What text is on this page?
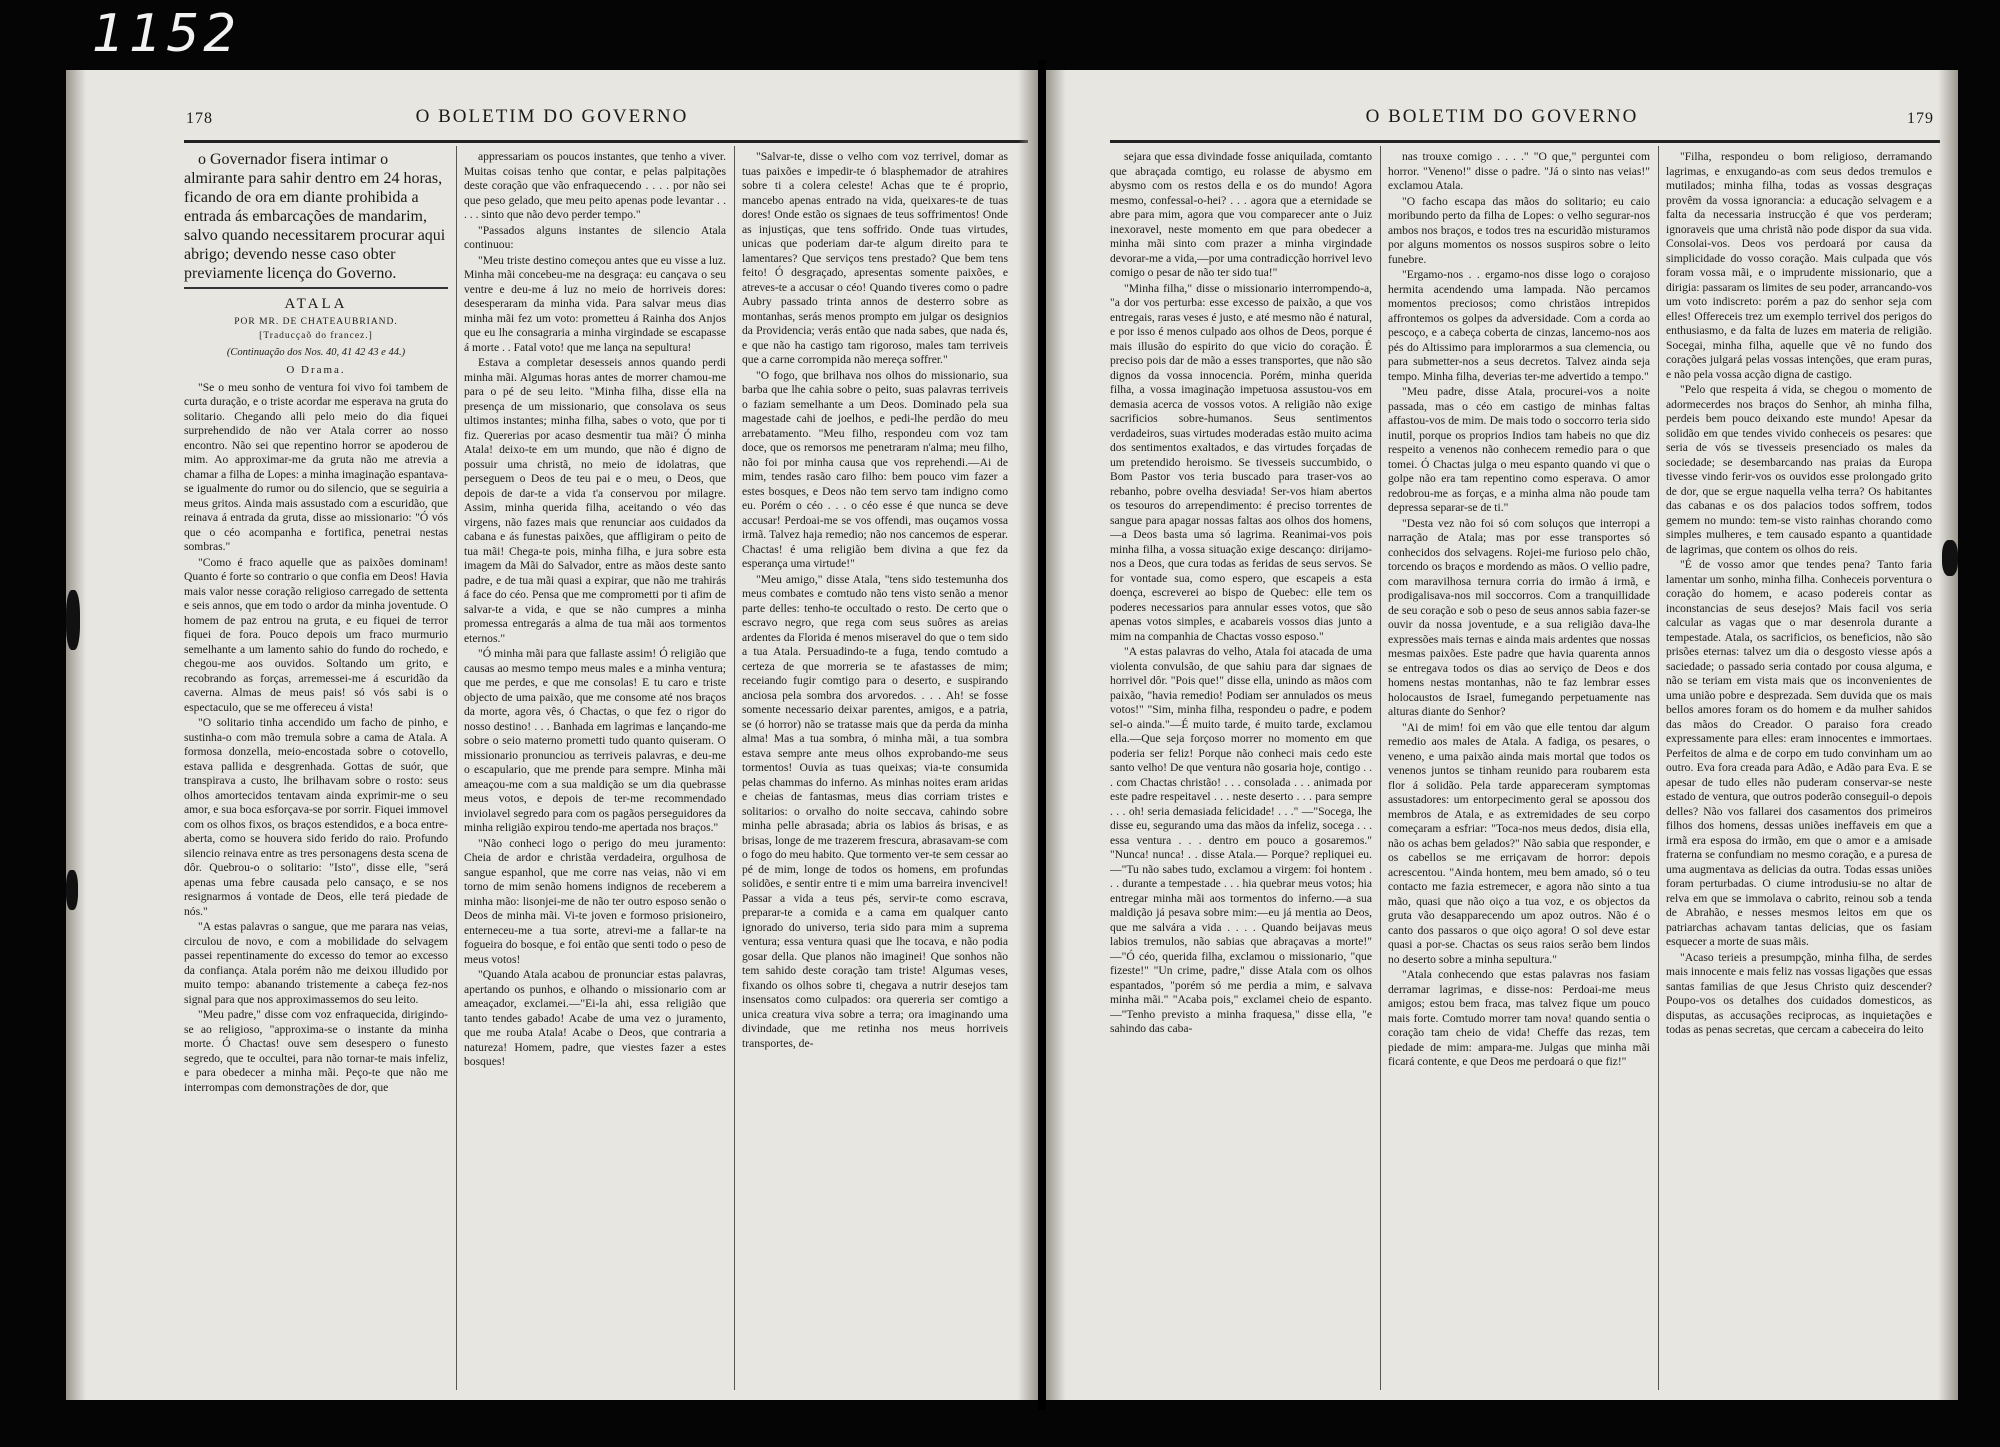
1152
178	O BOLETIM DO GOVERNO

o Governador fisera intimar o almirante para sahir dentro em 24 horas, ficando de ora em diante prohibida a entrada ás embarcações de mandarim, salvo quando necessitarem procurar aqui abrigo; devendo nesse caso obter previamente licença do Governo.

ATALA
POR MR. DE CHATEAUBRIAND.
[Traducçaõ do francez.]
(Continuação dos Nos. 40, 41 42 43 e 44.)
O Drama.

"Se o meu sonho de ventura foi vivo foi tambem de curta duração, e o triste acordar me esperava na gruta do solitario. Chegando alli pelo meio do dia fiquei surprehendido de não ver Atala correr ao nosso encontro. Não sei que repentino horror se apoderou de mim. Ao approximar-me da gruta não me atrevia a chamar a filha de Lopes: a minha imaginação espantava-se igualmente do rumor ou do silencio, que se seguiria a meus gritos. Ainda mais assustado com a escuridão, que reinava á entrada da gruta, disse ao missionario: "Ó vós que o céo acompanha e fortifica, penetrai nestas sombras."

"Como é fraco aquelle que as paixões dominam! Quanto é forte so contrario o que confia em Deos! Havia mais valor nesse coração religioso carregado de settenta e seis annos, que em todo o ardor da minha joventude. O homem de paz entrou na gruta, e eu fiquei de terror fiquei de fora. Pouco depois um fraco murmurio semelhante a um lamento sahio do fundo do rochedo, e chegou-me aos ouvidos. Soltando um grito, e recobrando as forças, arremessei-me á escuridão da caverna. Almas de meus pais! só vós sabi is o espectaculo, que se me offereceu á vista!

"O solitario tinha accendido um facho de pinho, e sustinha-o com mão tremula sobre a cama de Atala. A formosa donzella, meio-encostada sobre o cotovello, estava pallida e desgrenhada. Gottas de suór, que transpirava a custo, lhe brilhavam sobre o rosto: seus olhos amortecidos tentavam ainda exprimir-me o seu amor, e sua boca esforçava-se por sorrir. Fiquei immovel com os olhos fixos, os braços estendidos, e a boca entre-aberta, como se houvera sido ferido do raio. Profundo silencio reinava entre as tres personagens desta scena de dôr. Quebrou-o o solitario: "Isto", disse elle, "será apenas uma febre causada pelo cansaço, e se nos resignarmos á vontade de Deos, elle terá piedade de nós."

"A estas palavras o sangue, que me parara nas veias, circulou de novo, e com a mobilidade do selvagem passei repentinamente do excesso do temor ao excesso da confiança. Atala porém não me deixou illudido por muito tempo: abanando tristemente a cabeça fez-nos signal para que nos approximassemos do seu leito.

"Meu padre," disse com voz enfraquecida, dirigindo-se ao religioso, "approxima-se o instante da minha morte. Ó Chactas! ouve sem desespero o funesto segredo, que te occultei, para não tornar-te mais infeliz, e para obedecer a minha mãi. Peço-te que não me interrompas com demonstrações de dor, que

appressariam os poucos instantes, que tenho a viver. Muitas coisas tenho que contar, e pelas palpitações deste coração que vão enfraquecendo . . . . por não sei que peso gelado, que meu peito apenas pode levantar . . . . . sinto que não devo perder tempo."

"Passados alguns instantes de silencio Atala continuou:

"Meu triste destino começou antes que eu visse a luz. Minha mãi concebeu-me na desgraça: eu cançava o seu ventre e deu-me á luz no meio de horriveis dores: desesperaram da minha vida. Para salvar meus dias minha mãi fez um voto: prometteu á Rainha dos Anjos que eu lhe consagraria a minha virgindade se escapasse á morte . . Fatal voto! que me lança na sepultura!

Estava a completar desesseis annos quando perdi minha mãi. Algumas horas antes de morrer chamou-me para o pé de seu leito. "Minha filha, disse ella na presença de um missionario, que consolava os seus ultimos instantes; minha filha, sabes o voto, que por ti fiz. Quererias por acaso desmentir tua mãi? Ó minha Atala! deixo-te em um mundo, que não é digno de possuir uma christã, no meio de idolatras, que perseguem o Deos de teu pai e o meu, o Deos, que depois de dar-te a vida t'a conservou por milagre. Assim, minha querida filha, aceitando o véo das virgens, não fazes mais que renunciar aos cuidados da cabana e ás funestas paixões, que affligiram o peito de tua mãi! Chega-te pois, minha filha, e jura sobre esta imagem da Mãi do Salvador, entre as mãos deste santo padre, e de tua mãi quasi a expirar, que não me trahirás á face do céo. Pensa que me comprometti por ti afim de salvar-te a vida, e que se não cumpres a minha promessa entregarás a alma de tua mãi aos tormentos eternos."

"Ó minha mãi para que fallaste assim! Ó religião que causas ao mesmo tempo meus males e a minha ventura; que me perdes, e que me consolas! E tu caro e triste objecto de uma paixão, que me consome até nos braços da morte, agora vês, ó Chactas, o que fez o rigor do nosso destino! . . . Banhada em lagrimas e lançando-me sobre o seio materno prometti tudo quanto quiseram. O missionario pronunciou as terriveis palavras, e deu-me o escapulario, que me prende para sempre. Minha mãi ameaçou-me com a sua maldição se um dia quebrasse meus votos, e depois de ter-me recommendado inviolavel segredo para com os pagãos perseguidores da minha religião expirou tendo-me apertada nos braços."

"Não conheci logo o perigo do meu juramento: Cheia de ardor e christãa verdadeira, orgulhosa de sangue espanhol, que me corre nas veias, não vi em torno de mim senão homens indignos de receberem a minha mão: lisonjei-me de não ter outro esposo senão o Deos de minha mãi. Vi-te joven e formoso prisioneiro, enterneceu-me a tua sorte, atrevi-me a fallar-te na fogueira do bosque, e foi então que senti todo o peso de meus votos!

"Quando Atala acabou de pronunciar estas palavras, apertando os punhos, e olhando o missionario com ar ameaçador, exclamei.—"Ei-la ahi, essa religião que tanto tendes gabado! Acabe de uma vez o juramento, que me rouba Atala! Acabe o Deos, que contraria a natureza! Homem, padre, que viestes fazer a estes bosques!

"Salvar-te, disse o velho com voz terrivel, domar as tuas paixões e impedir-te ó blasphemador de atrahires sobre ti a colera celeste! Achas que te é proprio, mancebo apenas entrado na vida, queixares-te de tuas dores! Onde estão os signaes de teus soffrimentos! Onde as injustiças, que tens soffrido. Onde tuas virtudes, unicas que poderiam dar-te algum direito para te lamentares? Que serviços tens prestado? Que bem tens feito! Ó desgraçado, apresentas somente paixões, e atreves-te a accusar o céo! Quando tiveres como o padre Aubry passado trinta annos de desterro sobre as montanhas, serás menos prompto em julgar os designios da Providencia; verás então que nada sabes, que nada és, e que não ha castigo tam rigoroso, males tam terriveis que a carne corrompida não mereça soffrer."

"O fogo, que brilhava nos olhos do missionario, sua barba que lhe cahia sobre o peito, suas palavras terriveis o faziam semelhante a um Deos. Dominado pela sua magestade cahi de joelhos, e pedi-lhe perdão do meu arrebatamento. "Meu filho, respondeu com voz tam doce, que os remorsos me penetraram n'alma; meu filho, não foi por minha causa que vos reprehendi.—Ai de mim, tendes rasão caro filho: bem pouco vim fazer a estes bosques, e Deos não tem servo tam indigno como eu. Porém o céo . . . o céo esse é que nunca se deve accusar! Perdoai-me se vos offendi, mas ouçamos vossa irmã. Talvez haja remedio; não nos cancemos de esperar. Chactas! é uma religião bem divina a que fez da esperança uma virtude!"

"Meu amigo," disse Atala, "tens sido testemunha dos meus combates e comtudo não tens visto senão a menor parte delles: tenho-te occultado o resto. De certo que o escravo negro, que rega com seus suôres as areias ardentes da Florida é menos miseravel do que o tem sido a tua Atala. Persuadindo-te a fuga, tendo comtudo a certeza de que morreria se te afastasses de mim; receiando fugir comtigo para o deserto, e suspirando anciosa pela sombra dos arvoredos. . . . Ah! se fosse somente necessario deixar parentes, amigos, e a patria, se (ó horror) não se tratasse mais que da perda da minha alma! Mas a tua sombra, ó minha mãi, a tua sombra estava sempre ante meus olhos exprobando-me seus tormentos! Ouvia as tuas queixas; via-te consumida pelas chammas do inferno. As minhas noites eram aridas e cheias de fantasmas, meus dias corriam tristes e solitarios: o orvalho do noite seccava, cahindo sobre minha pelle abrasada; abria os labios ás brisas, e as brisas, longe de me trazerem frescura, abrasavam-se com o fogo do meu habito. Que tormento ver-te sem cessar ao pé de mim, longe de todos os homens, em profundas solidões, e sentir entre ti e mim uma barreira invencivel! Passar a vida a teus pés, servir-te como escrava, preparar-te a comida e a cama em qualquer canto ignorado do universo, teria sido para mim a suprema ventura; essa ventura quasi que lhe tocava, e não podia gosar della. Que planos não imaginei! Que sonhos não tem sahido deste coração tam triste! Algumas veses, fixando os olhos sobre ti, chegava a nutrir desejos tam insensatos como culpados: ora quereria ser comtigo a unica creatura viva sobre a terra; ora imaginando uma divindade, que me retinha nos meus horriveis transportes, de-

O BOLETIM DO GOVERNO	179

sejara que essa divindade fosse aniquilada, comtanto que abraçada comtigo, eu rolasse de abysmo em abysmo com os restos della e os do mundo! Agora mesmo, confessal-o-hei? . . . agora que a eternidade se abre para mim, agora que vou comparecer ante o Juiz inexoravel, neste momento em que para obedecer a minha mãi sinto com prazer a minha virgindade devorar-me a vida,—por uma contradicção horrivel levo comigo o pesar de não ter sido tua!"

"Minha filha," disse o missionario interrompendo-a, "a dor vos perturba: esse excesso de paixão, a que vos entregais, raras veses é justo, e até mesmo não é natural, e por isso é menos culpado aos olhos de Deos, porque é mais illusão do espirito do que vicio do coração. É preciso pois dar de mão a esses transportes, que não são dignos da vossa innocencia. Porém, minha querida filha, a vossa imaginação impetuosa assustou-vos em demasia acerca de vossos votos. A religião não exige sacrificios sobre-humanos. Seus sentimentos verdadeiros, suas virtudes moderadas estão muito acima dos sentimentos exaltados, e das virtudes forçadas de um pretendido heroismo. Se tivesseis succumbido, o Bom Pastor vos teria buscado para traser-vos ao rebanho, pobre ovelha desviada! Ser-vos hiam abertos os tesouros do arrependimento: é preciso torrentes de sangue para apagar nossas faltas aos olhos dos homens,—a Deos basta uma só lagrima. Reanimai-vos pois minha filha, a vossa situação exige descanço: dirijamo-nos a Deos, que cura todas as feridas de seus servos. Se for vontade sua, como espero, que escapeis a esta doença, escreverei ao bispo de Quebec: elle tem os poderes necessarios para annular esses votos, que são apenas votos simples, e acabareis vossos dias junto a mim na companhia de Chactas vosso esposo."

"A estas palavras do velho, Atala foi atacada de uma violenta convulsão, de que sahiu para dar signaes de horrivel dôr. "Pois que!" disse ella, unindo as mãos com paixão, "havia remedio! Podiam ser annulados os meus votos!" "Sim, minha filha, respondeu o padre, e podem sel-o ainda."—É muito tarde, é muito tarde, exclamou ella.—Que seja forçoso morrer no momento em que poderia ser feliz! Porque não conheci mais cedo este santo velho! De que ventura não gosaria hoje, contigo . . . com Chactas christão! . . . consolada . . . animada por este padre respeitavel . . . neste deserto . . . para sempre . . . oh! seria demasiada felicidade! . . ." —"Socega, lhe disse eu, segurando uma das mãos da infeliz, socega . . . essa ventura . . . dentro em pouco a gosaremos." "Nunca! nunca! . . disse Atala.— Porque? repliquei eu.—"Tu não sabes tudo, exclamou a virgem: foi hontem . . . durante a tempestade . . . hia quebrar meus votos; hia entregar minha mãi aos tormentos do inferno.—a sua maldição já pesava sobre mim:—eu já mentia ao Deos, que me salvára a vida . . . . Quando beijavas meus labios tremulos, não sabias que abraçavas a morte!" —"Ó céo, querida filha, exclamou o missionario, "que fizeste!" "Un crime, padre," disse Atala com os olhos espantados, "porém só me perdia a mim, e salvava minha mãi." "Acaba pois," exclamei cheio de espanto.—"Tenho previsto a minha fraquesa," disse ella, "e sahindo das caba-

nas trouxe comigo . . . ." "O que," perguntei com horror. "Veneno!" disse o padre. "Já o sinto nas veias!" exclamou Atala.

"O facho escapa das mãos do solitario; eu caio moribundo perto da filha de Lopes: o velho segurar-nos ambos nos braços, e todos tres na escuridão misturamos por alguns momentos os nossos suspiros sobre o leito funebre.

"Ergamo-nos . . ergamo-nos disse logo o corajoso hermita acendendo uma lampada. Não percamos momentos preciosos; como christãos intrepidos affrontemos os golpes da adversidade. Com a corda ao pescoço, e a cabeça coberta de cinzas, lancemo-nos aos pés do Altissimo para implorarmos a sua clemencia, ou para submetter-nos a seus decretos. Talvez ainda seja tempo. Minha filha, deverias ter-me advertido a tempo."

"Meu padre, disse Atala, procurei-vos a noite passada, mas o céo em castigo de minhas faltas affastou-vos de mim. De mais todo o soccorro teria sido inutil, porque os proprios Indios tam habeis no que diz respeito a venenos não conhecem remedio para o que tomei. Ó Chactas julga o meu espanto quando vi que o golpe não era tam repentino como esperava. O amor redobrou-me as forças, e a minha alma não poude tam depressa separar-se de ti."

"Desta vez não foi só com soluços que interropi a narração de Atala; mas por esse transportes só conhecidos dos selvagens. Rojei-me furioso pelo chão, torcendo os braços e mordendo as mãos. O vellio padre, com maravilhosa ternura corria do irmão á irmã, e prodigalisava-nos mil soccorros. Com a tranquillidade de seu coração e sob o peso de seus annos sabia fazer-se ouvir da nossa joventude, e a sua religião dava-lhe expressões mais ternas e ainda mais ardentes que nossas mesmas paixões. Este padre que havia quarenta annos se entregava todos os dias ao serviço de Deos e dos homens nestas montanhas, não te faz lembrar esses holocaustos de Israel, fumegando perpetuamente nas alturas diante do Senhor?

"Ai de mim! foi em vão que elle tentou dar algum remedio aos males de Atala. A fadiga, os pesares, o veneno, e uma paixão ainda mais mortal que todos os venenos juntos se tinham reunido para roubarem esta flor á solidão. Pela tarde appareceram symptomas assustadores: um entorpecimento geral se apossou dos membros de Atala, e as extremidades de seu corpo começaram a esfriar: "Toca-nos meus dedos, disia ella, não os achas bem gelados?" Não sabia que responder, e os cabellos se me erriçavam de horror: depois acrescentou. "Ainda hontem, meu bem amado, só o teu contacto me fazia estremecer, e agora não sinto a tua mão, quasi que não oiço a tua voz, e os objectos da gruta vão desapparecendo um apoz outros. Não é o canto dos passaros o que oiço agora! O sol deve estar quasi a por-se. Chactas os seus raios serão bem lindos no deserto sobre a minha sepultura."

"Atala conhecendo que estas palavras nos fasiam derramar lagrimas, e disse-nos: Perdoai-me meus amigos; estou bem fraca, mas talvez fique um pouco mais forte. Comtudo morrer tam nova! quando sentia o coração tam cheio de vida! Cheffe das rezas, tem piedade de mim: ampara-me. Julgas que minha mãi ficará contente, e que Deos me perdoará o que fiz!"

"Filha, respondeu o bom religioso, derramando lagrimas, e enxugando-as com seus dedos tremulos e mutilados; minha filha, todas as vossas desgraças provêm da vossa ignorancia: a educação selvagem e a falta da necessaria instrucção é que vos perderam; ignoraveis que uma christã não pode dispor da sua vida. Consolai-vos. Deos vos perdoará por causa da simplicidade do vosso coração. Mais culpada que vós foram vossa mãi, e o imprudente missionario, que a dirigia: passaram os limites de seu poder, arrancando-vos um voto indiscreto: porém a paz do senhor seja com elles! Offereceis trez um exemplo terrivel dos perigos do enthusiasmo, e da falta de luzes em materia de religião. Socegai, minha filha, aquelle que vê no fundo dos corações julgará pelas vossas intenções, que eram puras, e não pela vossa acção digna de castigo.

"Pelo que respeita á vida, se chegou o momento de adormecerdes nos braços do Senhor, ah minha filha, perdeis bem pouco deixando este mundo! Apesar da solidão em que tendes vivido conheceis os pesares: que seria de vós se tivesseis presenciado os males da sociedade; se desembarcando nas praias da Europa tivesse vindo ferir-vos os ouvidos esse prolongado grito de dor, que se ergue naquella velha terra? Os habitantes das cabanas e os dos palacios todos soffrem, todos gemem no mundo: tem-se visto rainhas chorando como simples mulheres, e tem causado espanto a quantidade de lagrimas, que contem os olhos do reis.

"É de vosso amor que tendes pena? Tanto faria lamentar um sonho, minha filha. Conheceis porventura o coração do homem, e acaso podereis contar as inconstancias de seus desejos? Mais facil vos seria calcular as vagas que o mar desenrola durante a tempestade. Atala, os sacrificios, os beneficios, não são prisões eternas: talvez um dia o desgosto viesse após a saciedade; o passado seria contado por cousa alguma, e não se teriam em vista mais que os inconvenientes de uma união pobre e desprezada. Sem duvida que os mais bellos amores foram os do homem e da mulher sahidos das mãos do Creador. O paraiso fora creado expressamente para elles: eram innocentes e immortaes. Perfeitos de alma e de corpo em tudo convinham um ao outro. Eva fora creada para Adão, e Adão para Eva. E se apesar de tudo elles não puderam conservar-se neste estado de ventura, que outros poderão conseguil-o depois delles? Não vos fallarei dos casamentos dos primeiros filhos dos homens, dessas uniões ineffaveis em que a irmã era esposa do irmão, em que o amor e a amisade fraterna se confundiam no mesmo coração, e a puresa de uma augmentava as delicias da outra. Todas essas uniões foram perturbadas. O ciume introdusiu-se no altar de relva em que se immolava o cabrito, reinou sob a tenda de Abrahão, e nesses mesmos leitos em que os patriarchas achavam tantas delicias, que os fasiam esquecer a morte de suas mãis.

"Acaso terieis a presumpção, minha filha, de serdes mais innocente e mais feliz nas vossas ligações que essas santas familias de que Jesus Christo quiz descender? Poupo-vos os detalhes dos cuidados domesticos, as disputas, as accusações reciprocas, as inquietações e todas as penas secretas, que cercam a cabeceira do leito
